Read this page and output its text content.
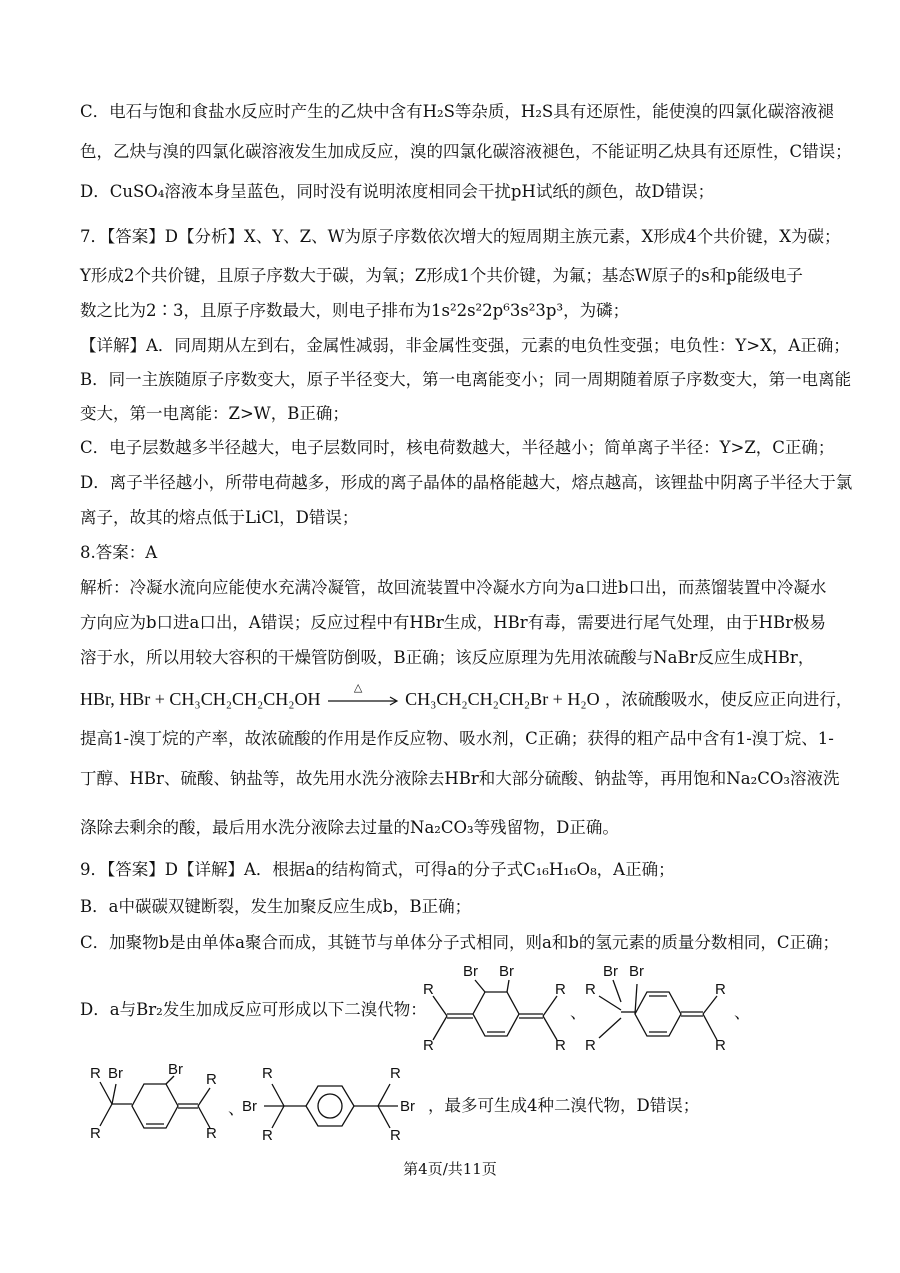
C．电石与饱和食盐水反应时产生的乙炔中含有H₂S等杂质，H₂S具有还原性，能使溴的四氯化碳溶液褪
色，乙炔与溴的四氯化碳溶液发生加成反应，溴的四氯化碳溶液褪色，不能证明乙炔具有还原性，C错误；
D．CuSO₄溶液本身呈蓝色，同时没有说明浓度相同会干扰pH试纸的颜色，故D错误；
7．【答案】D【分析】X、Y、Z、W为原子序数依次增大的短周期主族元素，X形成4个共价键，X为碳；
Y形成2个共价键，且原子序数大于碳，为氧；Z形成1个共价键，为氟；基态W原子的s和p能级电子
数之比为2∶3，且原子序数最大，则电子排布为1s²2s²2p⁶3s²3p³，为磷；
【详解】A．同周期从左到右，金属性减弱，非金属性变强，元素的电负性变强；电负性：Y>X，A正确；
B．同一主族随原子序数变大，原子半径变大，第一电离能变小；同一周期随着原子序数变大，第一电离能
变大，第一电离能：Z>W，B正确；
C．电子层数越多半径越大，电子层数同时，核电荷数越大，半径越小；简单离子半径：Y>Z，C正确；
D．离子半径越小，所带电荷越多，形成的离子晶体的晶格能越大，熔点越高，该锂盐中阴离子半径大于氯
离子，故其的熔点低于LiCl，D错误；
8.答案：A
解析：冷凝水流向应能使水充满冷凝管，故回流装置中冷凝水方向为a口进b口出，而蒸馏装置中冷凝水
方向应为b口进a口出，A错误；反应过程中有HBr生成，HBr有毒，需要进行尾气处理，由于HBr极易
溶于水，所以用较大容积的干燥管防倒吸，B正确；该反应原理为先用浓硫酸与NaBr反应生成HBr，
HBr, HBr + CH₃CH₂CH₂CH₂OH
△
CH₃CH₂CH₂CH₂Br + H₂O ，浓硫酸吸水，使反应正向进行，
提高1-溴丁烷的产率，故浓硫酸的作用是作反应物、吸水剂，C正确；获得的粗产品中含有1-溴丁烷、1-
丁醇、HBr、硫酸、钠盐等，故先用水洗分液除去HBr和大部分硫酸、钠盐等，再用饱和Na₂CO₃溶液洗
涤除去剩余的酸，最后用水洗分液除去过量的Na₂CO₃等残留物，D正确。
9．【答案】D【详解】A．根据a的结构简式，可得a的分子式C₁₆H₁₆O₈，A正确；
B．a中碳碳双键断裂，发生加聚反应生成b，B正确；
C．加聚物b是由单体a聚合而成，其链节与单体分子式相同，则a和b的氢元素的质量分数相同，C正确；
D．a与Br₂发生加成反应可形成以下二溴代物：
Br Br
R
R
R
R
、
Br Br
R
R
R
R
、
R Br
R
Br
R
R
、
R
Br
R
R
Br
R
，最多可生成4种二溴代物，D错误；
第4页/共11页
